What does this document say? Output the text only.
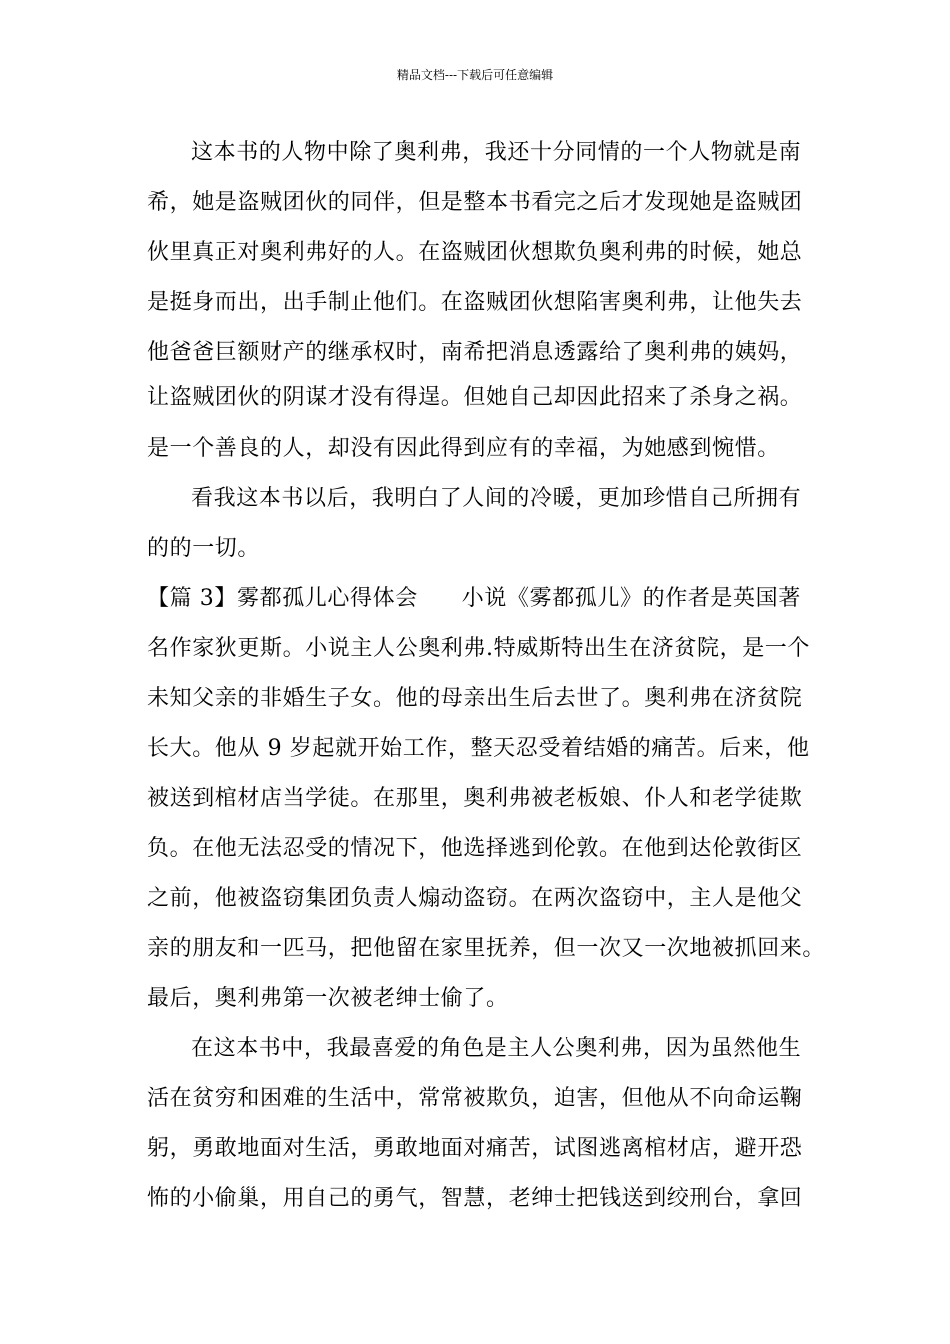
精品文档---下载后可任意编辑
这本书的人物中除了奥利弗，我还十分同情的一个人物就是南
希，她是盗贼团伙的同伴，但是整本书看完之后才发现她是盗贼团
伙里真正对奥利弗好的人。在盗贼团伙想欺负奥利弗的时候，她总
是挺身而出，出手制止他们。在盗贼团伙想陷害奥利弗，让他失去
他爸爸巨额财产的继承权时，南希把消息透露给了奥利弗的姨妈，
让盗贼团伙的阴谋才没有得逞。但她自己却因此招来了杀身之祸。
是一个善良的人，却没有因此得到应有的幸福，为她感到惋惜。
看我这本书以后，我明白了人间的冷暖，更加珍惜自己所拥有
的的一切。
【篇 3】雾都孤儿心得体会 小说《雾都孤儿》的作者是英国著
名作家狄更斯。小说主人公奥利弗.特威斯特出生在济贫院，是一个
未知父亲的非婚生子女。他的母亲出生后去世了。奥利弗在济贫院
长大。他从 9 岁起就开始工作，整天忍受着结婚的痛苦。后来，他
被送到棺材店当学徒。在那里，奥利弗被老板娘、仆人和老学徒欺
负。在他无法忍受的情况下，他选择逃到伦敦。在他到达伦敦街区
之前，他被盗窃集团负责人煽动盗窃。在两次盗窃中，主人是他父
亲的朋友和一匹马，把他留在家里抚养，但一次又一次地被抓回来。
最后，奥利弗第一次被老绅士偷了。
在这本书中，我最喜爱的角色是主人公奥利弗，因为虽然他生
活在贫穷和困难的生活中，常常被欺负，迫害，但他从不向命运鞠
躬，勇敢地面对生活，勇敢地面对痛苦，试图逃离棺材店，避开恐
怖的小偷巢，用自己的勇气，智慧，老绅士把钱送到绞刑台，拿回
